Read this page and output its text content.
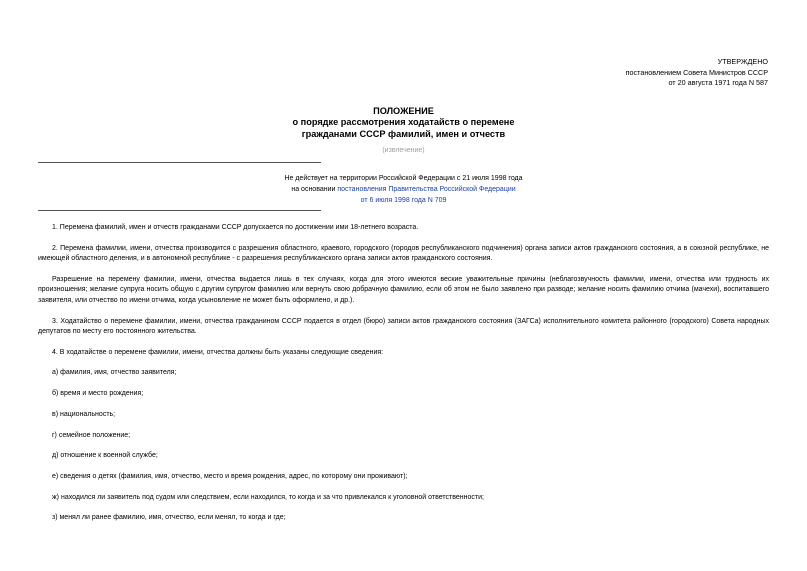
УТВЕРЖДЕНО
постановлением Совета Министров СССР
от 20 августа 1971 года N 587
ПОЛОЖЕНИЕ
о порядке рассмотрения ходатайств о перемене
гражданами СССР фамилий, имен и отчеств
(извлечение)
Не действует на территории Российской Федерации с 21 июля 1998 года
на основании постановления Правительства Российской Федерации
от 6 июля 1998 года N 709

1. Перемена фамилий, имен и отчеств гражданами СССР допускается по достижении ими 18-летнего возраста.

2. Перемена фамилии, имени, отчества производится с разрешения областного, краевого, городского (городов республиканского подчинения) органа записи актов гражданского состояния, а в союзной республике, не имеющей областного деления, и в автономной республике - с разрешения республиканского органа записи актов гражданского состояния.

Разрешение на перемену фамилии, имени, отчества выдается лишь в тех случаях, когда для этого имеются веские уважительные причины (неблагозвучность фамилии, имени, отчества или трудность их произношения; желание супруга носить общую с другим супругом фамилию или вернуть свою добрачную фамилию, если об этом не было заявлено при разводе; желание носить фамилию отчима (мачехи), воспитавшего заявителя, или отчество по имени отчима, когда усыновление не может быть оформлено, и др.).

3. Ходатайство о перемене фамилии, имени, отчества гражданином СССР подается в отдел (бюро) записи актов гражданского состояния (ЗАГСа) исполнительного комитета районного (городского) Совета народных депутатов по месту его постоянного жительства.

4. В ходатайстве о перемене фамилии, имени, отчества должны быть указаны следующие сведения:

а) фамилия, имя, отчество заявителя;

б) время и место рождения;

в) национальность;

г) семейное положение;

д) отношение к военной службе;

е) сведения о детях (фамилия, имя, отчество, место и время рождения, адрес, по которому они проживают);

ж) находился ли заявитель под судом или следствием, если находился, то когда и за что привлекался к уголовной ответственности;

з) менял ли ранее фамилию, имя, отчество, если менял, то когда и где;
